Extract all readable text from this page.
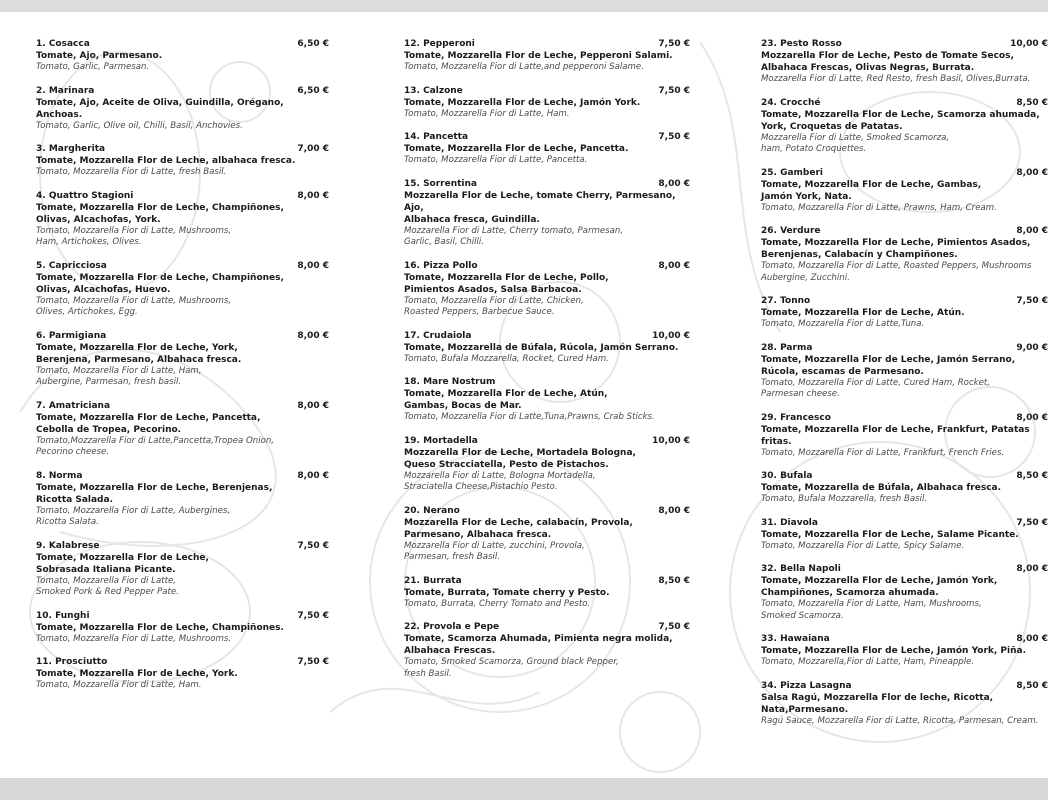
1. Cosacca	6,50 €
Tomate, Ajo, Parmesano.
Tomato, Garlic, Parmesan.
2. Marinara	6,50 €
Tomate, Ajo, Aceite de Oliva, Guindilla, Orégano, Anchoas.
Tomato, Garlic, Olive oil, Chilli, Basil, Anchovies.
3. Margherita	7,00 €
Tomate, Mozzarella Flor de Leche, albahaca fresca.
Tomato, Mozzarella Fior di Latte, fresh Basil.
4. Quattro Stagioni	8,00 €
Tomate, Mozzarella Flor de Leche, Champiñones,
Olivas, Alcachofas, York.
Tomato, Mozzarella Fior di Latte, Mushrooms,
Ham, Artichokes, Olives.
5. Capricciosa	8,00 €
Tomate, Mozzarella Flor de Leche, Champiñones,
Olivas, Alcachofas, Huevo.
Tomato, Mozzarella Fior di Latte, Mushrooms,
Olives, Artichokes, Egg.
6. Parmigiana	8,00 €
Tomate, Mozzarella Flor de Leche, York,
Berenjena, Parmesano, Albahaca fresca.
Tomato, Mozzarella Fior di Latte, Ham,
Aubergine, Parmesan, fresh basil.
7. Amatriciana	8,00 €
Tomate, Mozzarella Flor de Leche, Pancetta,
Cebolla de Tropea, Pecorino.
Tomato,Mozzarella Fior di Latte,Pancetta,Tropea Onion,
Pecorino cheese.
8. Norma	8,00 €
Tomate, Mozzarella Flor de Leche, Berenjenas,
Ricotta Salada.
Tomato, Mozzarella Fior di Latte, Aubergines,
Ricotta Salata.
9. Kalabrese	7,50 €
Tomate, Mozzarella Flor de Leche,
Sobrasada Italiana Picante.
Tomato, Mozzarella Fior di Latte,
Smoked Pork & Red Pepper Pate.
10. Funghi	7,50 €
Tomate, Mozzarella Flor de Leche, Champiñones.
Tomato, Mozzarella Fior di Latte, Mushrooms.
11. Prosciutto	7,50 €
Tomate, Mozzarella Flor de Leche, York.
Tomato, Mozzarella Fior di Latte, Ham.
12. Pepperoni	7,50 €
Tomate, Mozzarella Flor de Leche, Pepperoni Salami.
Tomato, Mozzarella Fior di Latte,and pepperoni Salame.
13. Calzone	7,50 €
Tomate, Mozzarella Flor de Leche, Jamón York.
Tomato, Mozzarella Fior di Latte, Ham.
14. Pancetta	7,50 €
Tomate, Mozzarella Flor de Leche, Pancetta.
Tomato, Mozzarella Fior di Latte, Pancetta.
15. Sorrentina	8,00 €
Mozzarella Flor de Leche, tomate Cherry, Parmesano, Ajo,
Albahaca fresca, Guindilla.
Mozzarella Fior di Latte, Cherry tomato, Parmesan,
Garlic, Basil, Chilli.
16. Pizza Pollo	8,00 €
Tomate, Mozzarella Flor de Leche, Pollo,
Pimientos Asados, Salsa Barbacoa.
Tomato, Mozzarella Fior di Latte, Chicken,
Roasted Peppers, Barbecue Sauce.
17. Crudaiola	10,00 €
Tomate, Mozzarella de Búfala, Rúcola, Jamón Serrano.
Tomato, Bufala Mozzarella, Rocket, Cured Ham.
18. Mare Nostrum
Tomate, Mozzarella Flor de Leche, Atún,
Gambas, Bocas de Mar.
Tomato, Mozzarella Fior di Latte,Tuna,Prawns, Crab Sticks.
19. Mortadella	10,00 €
Mozzarella Flor de Leche, Mortadela Bologna,
Queso Stracciatella, Pesto de Pistachos.
Mozzarella Fior di Latte, Bologna Mortadella,
Straciatella Cheese,Pistachio Pesto.
20. Nerano	8,00 €
Mozzarella Flor de Leche, calabacín, Provola,
Parmesano, Albahaca fresca.
Mozzarella Fior di Latte, zucchini, Provola,
Parmesan, fresh Basil.
21. Burrata	8,50 €
Tomate, Burrata, Tomate cherry y Pesto.
Tomato, Burrata, Cherry Tomato and Pesto.
22. Provola e Pepe	7,50 €
Tomate, Scamorza Ahumada, Pimienta negra molida,
Albahaca Frescas.
Tomato, Smoked Scamorza, Ground black Pepper,
fresh Basil.
23. Pesto Rosso	10,00 €
Mozzarella Flor de Leche, Pesto de Tomate Secos,
Albahaca Frescas, Olivas Negras, Burrata.
Mozzarella Fior di Latte, Red Resto, fresh Basil, Olives,Burrata.
24. Crocché	8,50 €
Tomate, Mozzarella Flor de Leche, Scamorza ahumada,
York, Croquetas de Patatas.
Mozzarella Fior di Latte, Smoked Scamorza,
ham, Potato Croquettes.
25. Gamberi	8,00 €
Tomate, Mozzarella Flor de Leche, Gambas,
Jamón York, Nata.
Tomato, Mozzarella Fior di Latte, Prawns, Ham, Cream.
26. Verdure	8,00 €
Tomate, Mozzarella Flor de Leche, Pimientos Asados,
Berenjenas, Calabacín y Champiñones.
Tomato, Mozzarella Fior di Latte, Roasted Peppers, Mushrooms
Aubergine, Zucchini.
27. Tonno	7,50 €
Tomate, Mozzarella Flor de Leche, Atún.
Tomato, Mozzarella Fior di Latte,Tuna.
28. Parma	9,00 €
Tomate, Mozzarella Flor de Leche, Jamón Serrano,
Rúcola, escamas de Parmesano.
Tomato, Mozzarella Fior di Latte, Cured Ham, Rocket,
Parmesan cheese.
29. Francesco	8,00 €
Tomate, Mozzarella Flor de Leche, Frankfurt, Patatas fritas.
Tomato, Mozzarella Fior di Latte, Frankfurt, French Fries.
30. Bufala	8,50 €
Tomate, Mozzarella de Búfala, Albahaca fresca.
Tomato, Bufala Mozzarella, fresh Basil.
31. Diavola	7,50 €
Tomate, Mozzarella Flor de Leche, Salame Picante.
Tomato, Mozzarella Fior di Latte, Spicy Salame.
32. Bella Napoli	8,00 €
Tomate, Mozzarella Flor de Leche, Jamón York,
Champiñones, Scamorza ahumada.
Tomato, Mozzarella Fior di Latte, Ham, Mushrooms,
Smoked Scamorza.
33. Hawaiana	8,00 €
Tomate, Mozzarella Flor de Leche, Jamón York, Piña.
Tomato, Mozzarella,Fior di Latte, Ham, Pineapple.
34. Pizza Lasagna	8,50 €
Salsa Ragú, Mozzarella Flor de leche, Ricotta,
Nata,Parmesano.
Ragú Sauce, Mozzarella Fior di Latte, Ricotta, Parmesan, Cream.
